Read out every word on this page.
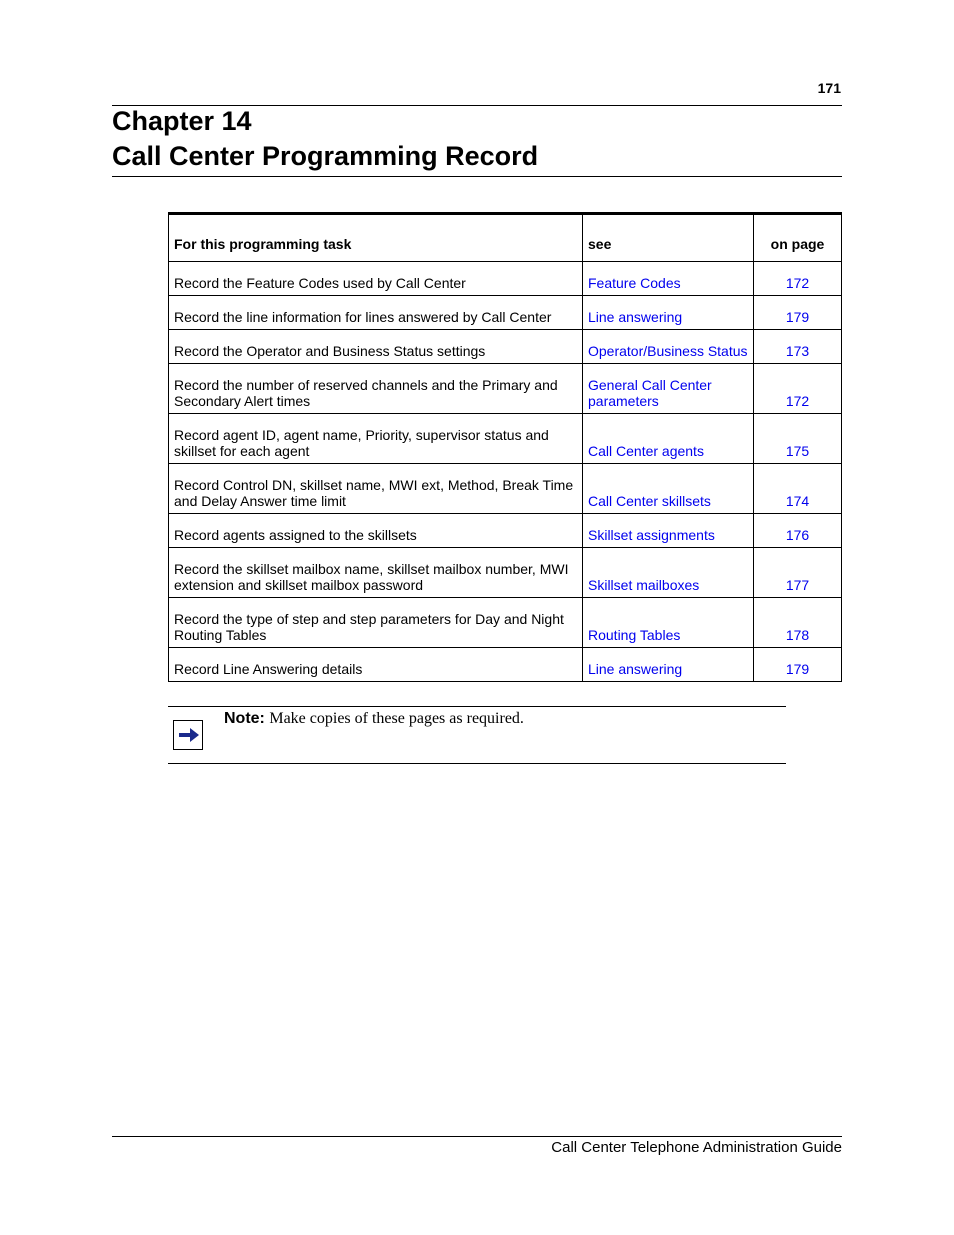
171
Chapter 14
Call Center Programming Record
For this programming task	see	on page
Record the Feature Codes used by Call Center	Feature Codes	172
Record the line information for lines answered by Call Center	Line answering	179
Record the Operator and Business Status settings	Operator/Business Status	173
Record the number of reserved channels and the Primary and Secondary Alert times	General Call Center parameters	172
Record agent ID, agent name, Priority, supervisor status and skillset for each agent	Call Center agents	175
Record Control DN, skillset name, MWI ext, Method, Break Time and Delay Answer time limit	Call Center skillsets	174
Record agents assigned to the skillsets	Skillset assignments	176
Record the skillset mailbox name, skillset mailbox number, MWI extension and skillset mailbox password	Skillset mailboxes	177
Record the type of step and step parameters for Day and Night Routing Tables	Routing Tables	178
Record Line Answering details	Line answering	179
Note: Make copies of these pages as required.
Call Center Telephone Administration Guide
